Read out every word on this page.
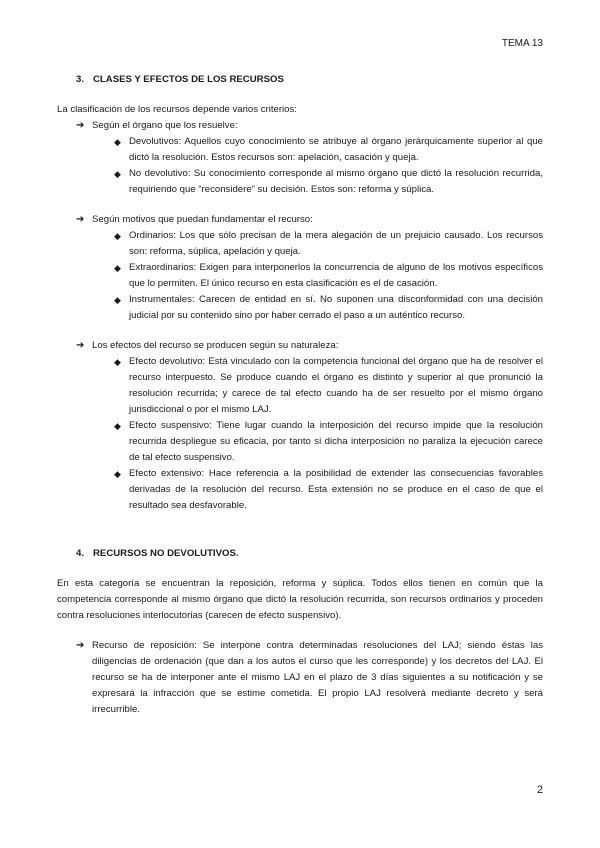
TEMA 13
3. CLASES Y EFECTOS DE LOS RECURSOS

La clasificación de los recursos depende varios criterios:

➔ Según el órgano que los resuelve:
◆ Devolutivos: Aquellos cuyo conocimiento se atribuye al órgano jerárquicamente superior al que dictó la resolución. Estos recursos son: apelación, casación y queja.
◆ No devolutivo: Su conocimiento corresponde al mismo órgano que dictó la resolución recurrida, requiriendo que “reconsidere” su decisión. Estos son: reforma y súplica.
➔ Según motivos que puedan fundamentar el recurso:
◆ Ordinarios: Los que sólo precisan de la mera alegación de un prejuicio causado. Los recursos son: reforma, súplica, apelación y queja.
◆ Extraordinarios: Exigen para interponerlos la concurrencia de alguno de los motivos específicos que lo permiten. El único recurso en esta clasificación es el de casación.
◆ Instrumentales: Carecen de entidad en sí. No suponen una disconformidad con una decisión judicial por su contenido sino por haber cerrado el paso a un auténtico recurso.
➔ Los efectos del recurso se producen según su naturaleza:
◆ Efecto devolutivo: Está vinculado con la competencia funcional del órgano que ha de resolver el recurso interpuesto. Se produce cuando el órgano es distinto y superior al que pronunció la resolución recurrida; y carece de tal efecto cuando ha de ser resuelto por el mismo órgano jurisdiccional o por el mismo LAJ.
◆ Efecto suspensivo: Tiene lugar cuando la interposición del recurso impide que la resolución recurrida despliegue su eficacia, por tanto si dicha interposición no paraliza la ejecución carece de tal efecto suspensivo.
◆ Efecto extensivo: Hace referencia a la posibilidad de extender las consecuencias favorables derivadas de la resolución del recurso. Esta extensión no se produce en el caso de que el resultado sea desfavorable.
4. RECURSOS NO DEVOLUTIVOS.

En esta categoría se encuentran la reposición, reforma y súplica. Todos ellos tienen en común que la competencia corresponde al mismo órgano que dictó la resolución recurrida, son recursos ordinarios y proceden contra resoluciones interlocutorias (carecen de efecto suspensivo).

➔ Recurso de reposición: Se interpone contra determinadas resoluciones del LAJ; siendo éstas las diligencias de ordenación (que dan a los autos el curso que les corresponde) y los decretos del LAJ. El recurso se ha de interponer ante el mismo LAJ en el plazo de 3 días siguientes a su notificación y se expresará la infracción que se estime cometida. El propio LAJ resolverá mediante decreto y será irrecurrible.
2
